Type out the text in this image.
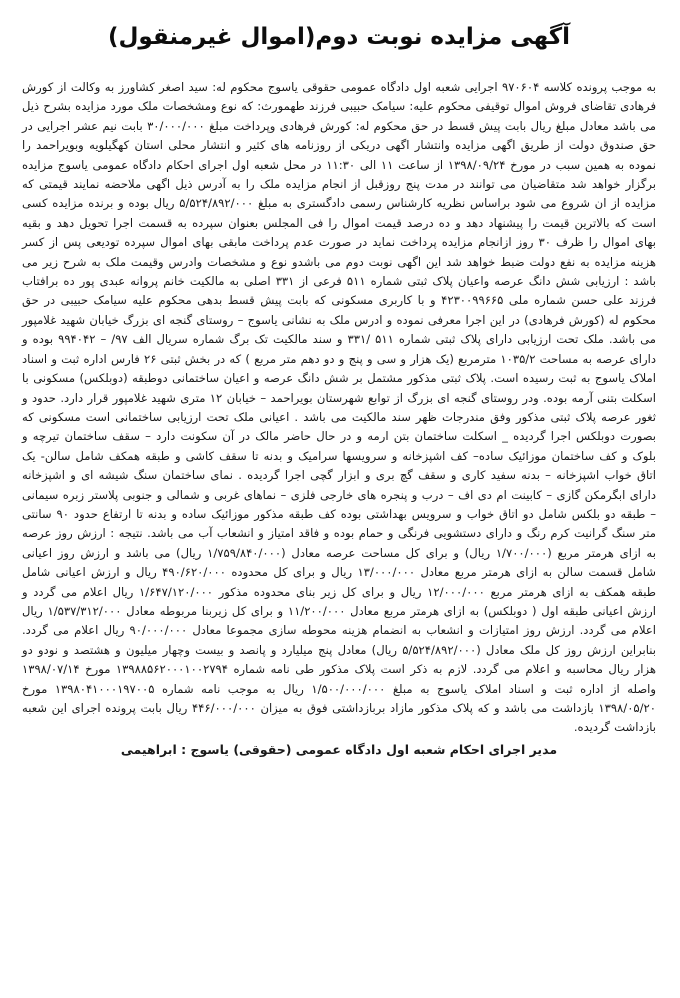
آگهی مزایده نوبت دوم(اموال غیرمنقول)

به موجب پرونده کلاسه ۹۷۰۶۰۴ اجرایی شعبه اول دادگاه عمومی حقوقی یاسوج محکوم له: سید اصغر کشاورز به وکالت از کورش فرهادی تقاضای فروش اموال توقیفی محکوم علیه: سیامک حبیبی فرزند طهمورث: که نوع ومشخصات ملک مورد مزایده بشرح ذیل می باشد معادل مبلغ ریال بابت پیش قسط در حق محکوم له: کورش فرهادی وپرداخت مبلغ ۳۰/۰۰۰/۰۰۰ بابت نیم عشر اجرایی در حق صندوق دولت از طریق اگهی مزایده وانتشار اگهی دریکی از روزنامه های کثیر و انتشار محلی استان کهگیلویه وبویراحمد را نموده به همین سبب در مورخ ۱۳۹۸/۰۹/۲۴ از ساعت ۱۱ الی ۱۱:۳۰ در محل شعبه اول اجرای احکام دادگاه عمومی یاسوج مزایده برگزار خواهد شد متقاضیان می توانند در مدت پنج روزقبل از انجام مزایده ملک را به آدرس ذیل اگهی ملاحضه نمایند قیمتی که مزایده از ان شروع می شود براساس نظریه کارشناس رسمی دادگستری به مبلغ ۵/۵۲۴/۸۹۲/۰۰۰ ریال بوده و برنده مزایده کسی است که بالاترین قیمت را پیشنهاد دهد و ده درصد قیمت اموال را فی المجلس بعنوان سپرده به قسمت اجرا تحویل دهد و بقیه بهای اموال را ظرف ۳۰ روز ازانجام مزایده پرداخت نماید در صورت عدم پرداخت مابقی بهای اموال سپرده تودیعی پس از کسر هزینه مزایده به نفع دولت ضبط خواهد شد این اگهی نوبت دوم می باشدو نوع و مشخصات وادرس وقیمت ملک به شرح زیر می باشد : ارزیابی شش دانگ عرصه واعیان پلاک ثبتی شماره ۵۱۱ فرعی از ۳۳۱ اصلی به مالکیت خانم پروانه عبدی پور ده برافتاب فرزند علی حسن شماره ملی ۴۲۳۰۰۹۹۶۶۵ و با کاربری مسکونی که بابت پیش قسط بدهی محکوم علیه سیامک حبیبی در حق محکوم له (کورش فرهادی) در این اجرا معرفی نموده و ادرس ملک به نشانی یاسوج – روستای گنجه ای بزرگ خیابان شهید غلامپور می باشد. ملک تحت ارزیابی دارای پلاک ثبتی شماره ۵۱۱ /۳۳۱ و سند مالکیت تک برگ شماره سریال الف ۹۷/ – ۹۹۴۰۴۲ بوده و دارای عرصه به مساحت ۱۰۳۵/۲ مترمربع (یک هزار و سی و پنج و دو دهم متر مربع ) که در بخش ثبتی ۲۶ فارس اداره ثبت و اسناد املاک یاسوج به ثبت رسیده است. پلاک ثبتی مذکور مشتمل بر شش دانگ عرصه و اعیان ساختمانی دوطبقه (دوبلکس) مسکونی با اسکلت بتنی آرمه بوده. ودر روستای گنجه ای بزرگ از توابع شهرستان بویراحمد – خیابان ۱۲ متری شهید غلامپور قرار دارد. حدود و ثغور عرصه پلاک ثبتی مذکور وفق مندرجات ظهر سند مالکیت می باشد . اعیانی ملک تحت ارزیابی ساختمانی است مسکونی که بصورت دوبلکس اجرا گردیده _ اسکلت ساختمان بتن ارمه و در حال حاضر مالک در آن سکونت دارد – سقف ساختمان تیرچه و بلوک و کف ساختمان موزائیک ساده– کف اشپزخانه و سرویسها سرامیک و بدنه تا سقف کاشی و طبقه همکف شامل سالن- یک اتاق خواب اشپزخانه – بدنه سفید کاری و سقف گچ بری و ابزار گچی اجرا گردیده . نمای ساختمان سنگ شیشه ای و اشپزخانه دارای ابگرمکن گازی – کابینت ام دی اف – درب و پنجره های خارجی فلزی – نماهای غربی و شمالی و جنوبی پلاستر زبره سیمانی – طبقه دو بلکس شامل دو اتاق خواب و سرویس بهداشتی بوده کف طبقه مذکور موزائیک ساده و بدنه تا ارتفاع حدود ۹۰ سانتی متر سنگ گرانیت کرم رنگ و دارای دستشویی فرنگی و حمام بوده و فاقد امتیاز و انشعاب آب می باشد. نتیجه : ارزش روز عرصه به ازای هرمتر مربع (۱/۷۰۰/۰۰۰ ریال) و برای کل مساحت عرصه معادل (۱/۷۵۹/۸۴۰/۰۰۰ ریال) می باشد و ارزش روز اعیانی شامل قسمت سالن به ازای هرمتر مربع معادل ۱۳/۰۰۰/۰۰۰ ریال و برای کل محدوده ۴۹۰/۶۲۰/۰۰۰ ریال و ارزش اعیانی شامل طبقه همکف به ازای هرمتر مربع ۱۲/۰۰۰/۰۰۰ ریال و برای کل زیر بنای محدوده مذکور ۱/۶۴۷/۱۲۰/۰۰۰ ریال اعلام می گردد و ارزش اعیانی طبقه اول ( دوبلکس) به ازای هرمتر مربع معادل ۱۱/۲۰۰/۰۰۰ و برای کل زیربنا مربوطه معادل ۱/۵۳۷/۳۱۲/۰۰۰ ریال اعلام می گردد. ارزش روز امتیازات و انشعاب به انضمام هزینه محوطه سازی مجموعا معادل ۹۰/۰۰۰/۰۰۰ ریال اعلام می گردد. بنابراین ارزش روز کل ملک معادل (۵/۵۲۴/۸۹۲/۰۰۰ ریال) معادل پنج میلیارد و پانصد و بیست وچهار میلیون و هشتصد و نودو دو هزار ریال محاسبه و اعلام می گردد. لازم به ذکر است پلاک مذکور طی نامه شماره ۱۳۹۸۸۵۶۲۰۰۰۱۰۰۲۷۹۴ مورخ ۱۳۹۸/۰۷/۱۴ واصله از اداره ثبت و اسناد املاک یاسوج به مبلغ ۱/۵۰۰/۰۰۰/۰۰۰ ریال به موجب نامه شماره ۱۳۹۸۰۴۱۰۰۰۱۹۷۰۰۵ مورخ ۱۳۹۸/۰۵/۲۰ بازداشت می باشد و که پلاک مذکور مازاد بربازداشتی فوق به میزان ۴۴۶/۰۰۰/۰۰۰ ریال بابت پرونده اجرای این شعبه بازداشت گردیده.

مدیر اجرای احکام شعبه اول دادگاه عمومی (حقوقی) یاسوج : ابراهیمی
